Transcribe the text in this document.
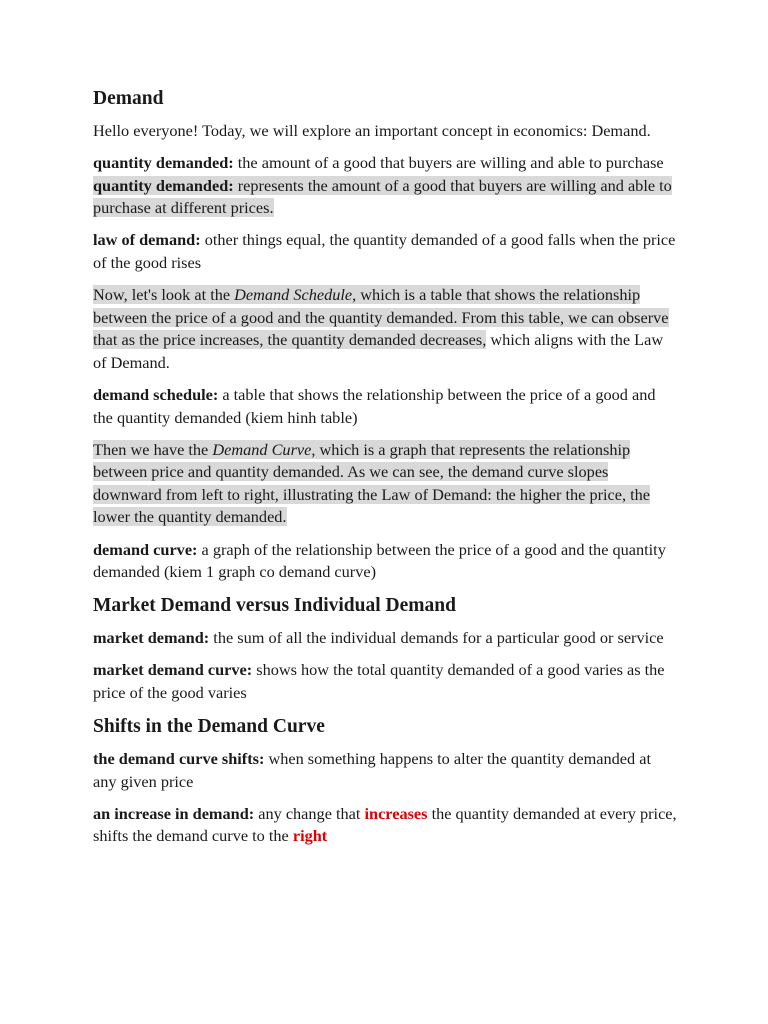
Demand

Hello everyone! Today, we will explore an important concept in economics: Demand.

quantity demanded: the amount of a good that buyers are willing and able to purchase

quantity demanded: represents the amount of a good that buyers are willing and able to purchase at different prices.

law of demand: other things equal, the quantity demanded of a good falls when the price of the good rises

Now, let's look at the Demand Schedule, which is a table that shows the relationship between the price of a good and the quantity demanded. From this table, we can observe that as the price increases, the quantity demanded decreases, which aligns with the Law of Demand.

demand schedule: a table that shows the relationship between the price of a good and the quantity demanded (kiem hinh table)

Then we have the Demand Curve, which is a graph that represents the relationship between price and quantity demanded. As we can see, the demand curve slopes downward from left to right, illustrating the Law of Demand: the higher the price, the lower the quantity demanded.

demand curve: a graph of the relationship between the price of a good and the quantity demanded (kiem 1 graph co demand curve)

Market Demand versus Individual Demand

market demand: the sum of all the individual demands for a particular good or service

market demand curve: shows how the total quantity demanded of a good varies as the price of the good varies

Shifts in the Demand Curve

the demand curve shifts: when something happens to alter the quantity demanded at any given price

an increase in demand: any change that increases the quantity demanded at every price, shifts the demand curve to the right
